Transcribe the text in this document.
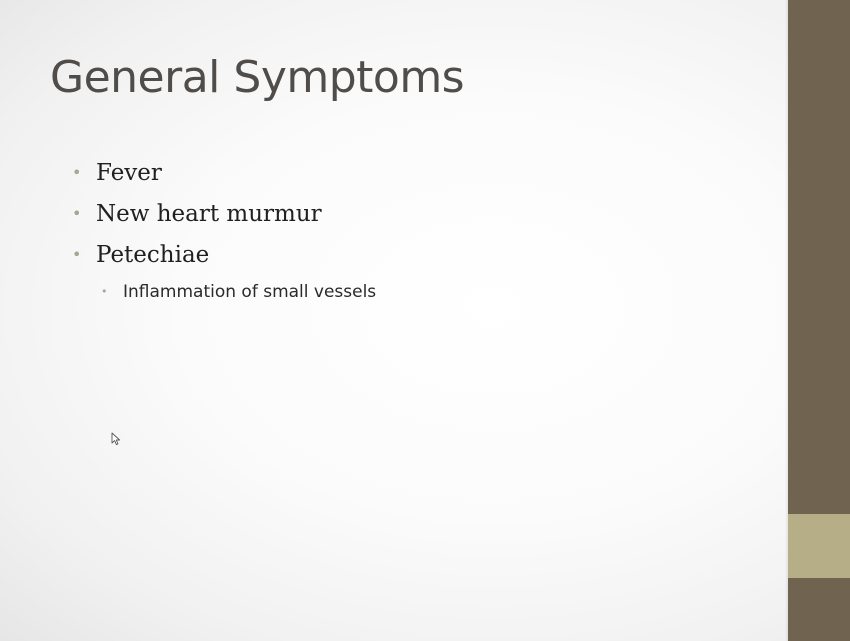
General Symptoms
• Fever
• New heart murmur
• Petechiae
• Inflammation of small vessels
